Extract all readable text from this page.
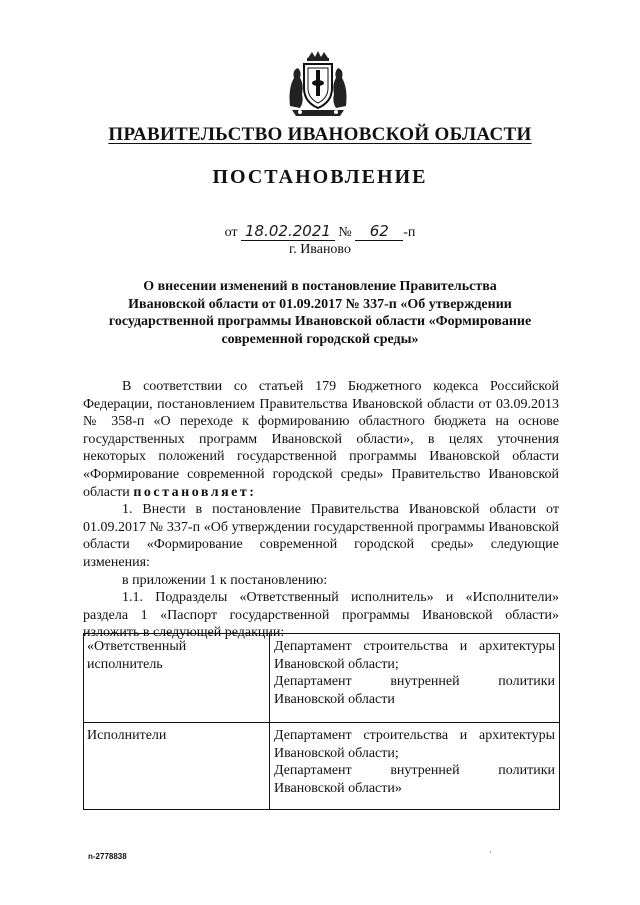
ПРАВИТЕЛЬСТВО ИВАНОВСКОЙ ОБЛАСТИ
ПОСТАНОВЛЕНИЕ
от 18.02.2021 № 62 -п
г. Иваново
О внесении изменений в постановление Правительства
Ивановской области от 01.09.2017 № 337-п «Об утверждении
государственной программы Ивановской области «Формирование
современной городской среды»

В соответствии со статьей 179 Бюджетного кодекса Российской Федерации, постановлением Правительства Ивановской области от 03.09.2013 № 358-п «О переходе к формированию областного бюджета на основе государственных программ Ивановской области», в целях уточнения некоторых положений государственной программы Ивановской области «Формирование современной городской среды» Правительство Ивановской области постановляет:

1. Внести в постановление Правительства Ивановской области от 01.09.2017 № 337-п «Об утверждении государственной программы Ивановской области «Формирование современной городской среды» следующие изменения:

в приложении 1 к постановлению:

1.1. Подразделы «Ответственный исполнитель» и «Исполнители» раздела 1 «Паспорт государственной программы Ивановской области» изложить в следующей редакции:

«Ответственный исполнитель	Департамент строительства и архитектуры Ивановской области;
Департамент внутренней политики Ивановской области

Исполнители	Департамент строительства и архитектуры Ивановской области;
Департамент внутренней политики Ивановской области»
n-2778838	'
